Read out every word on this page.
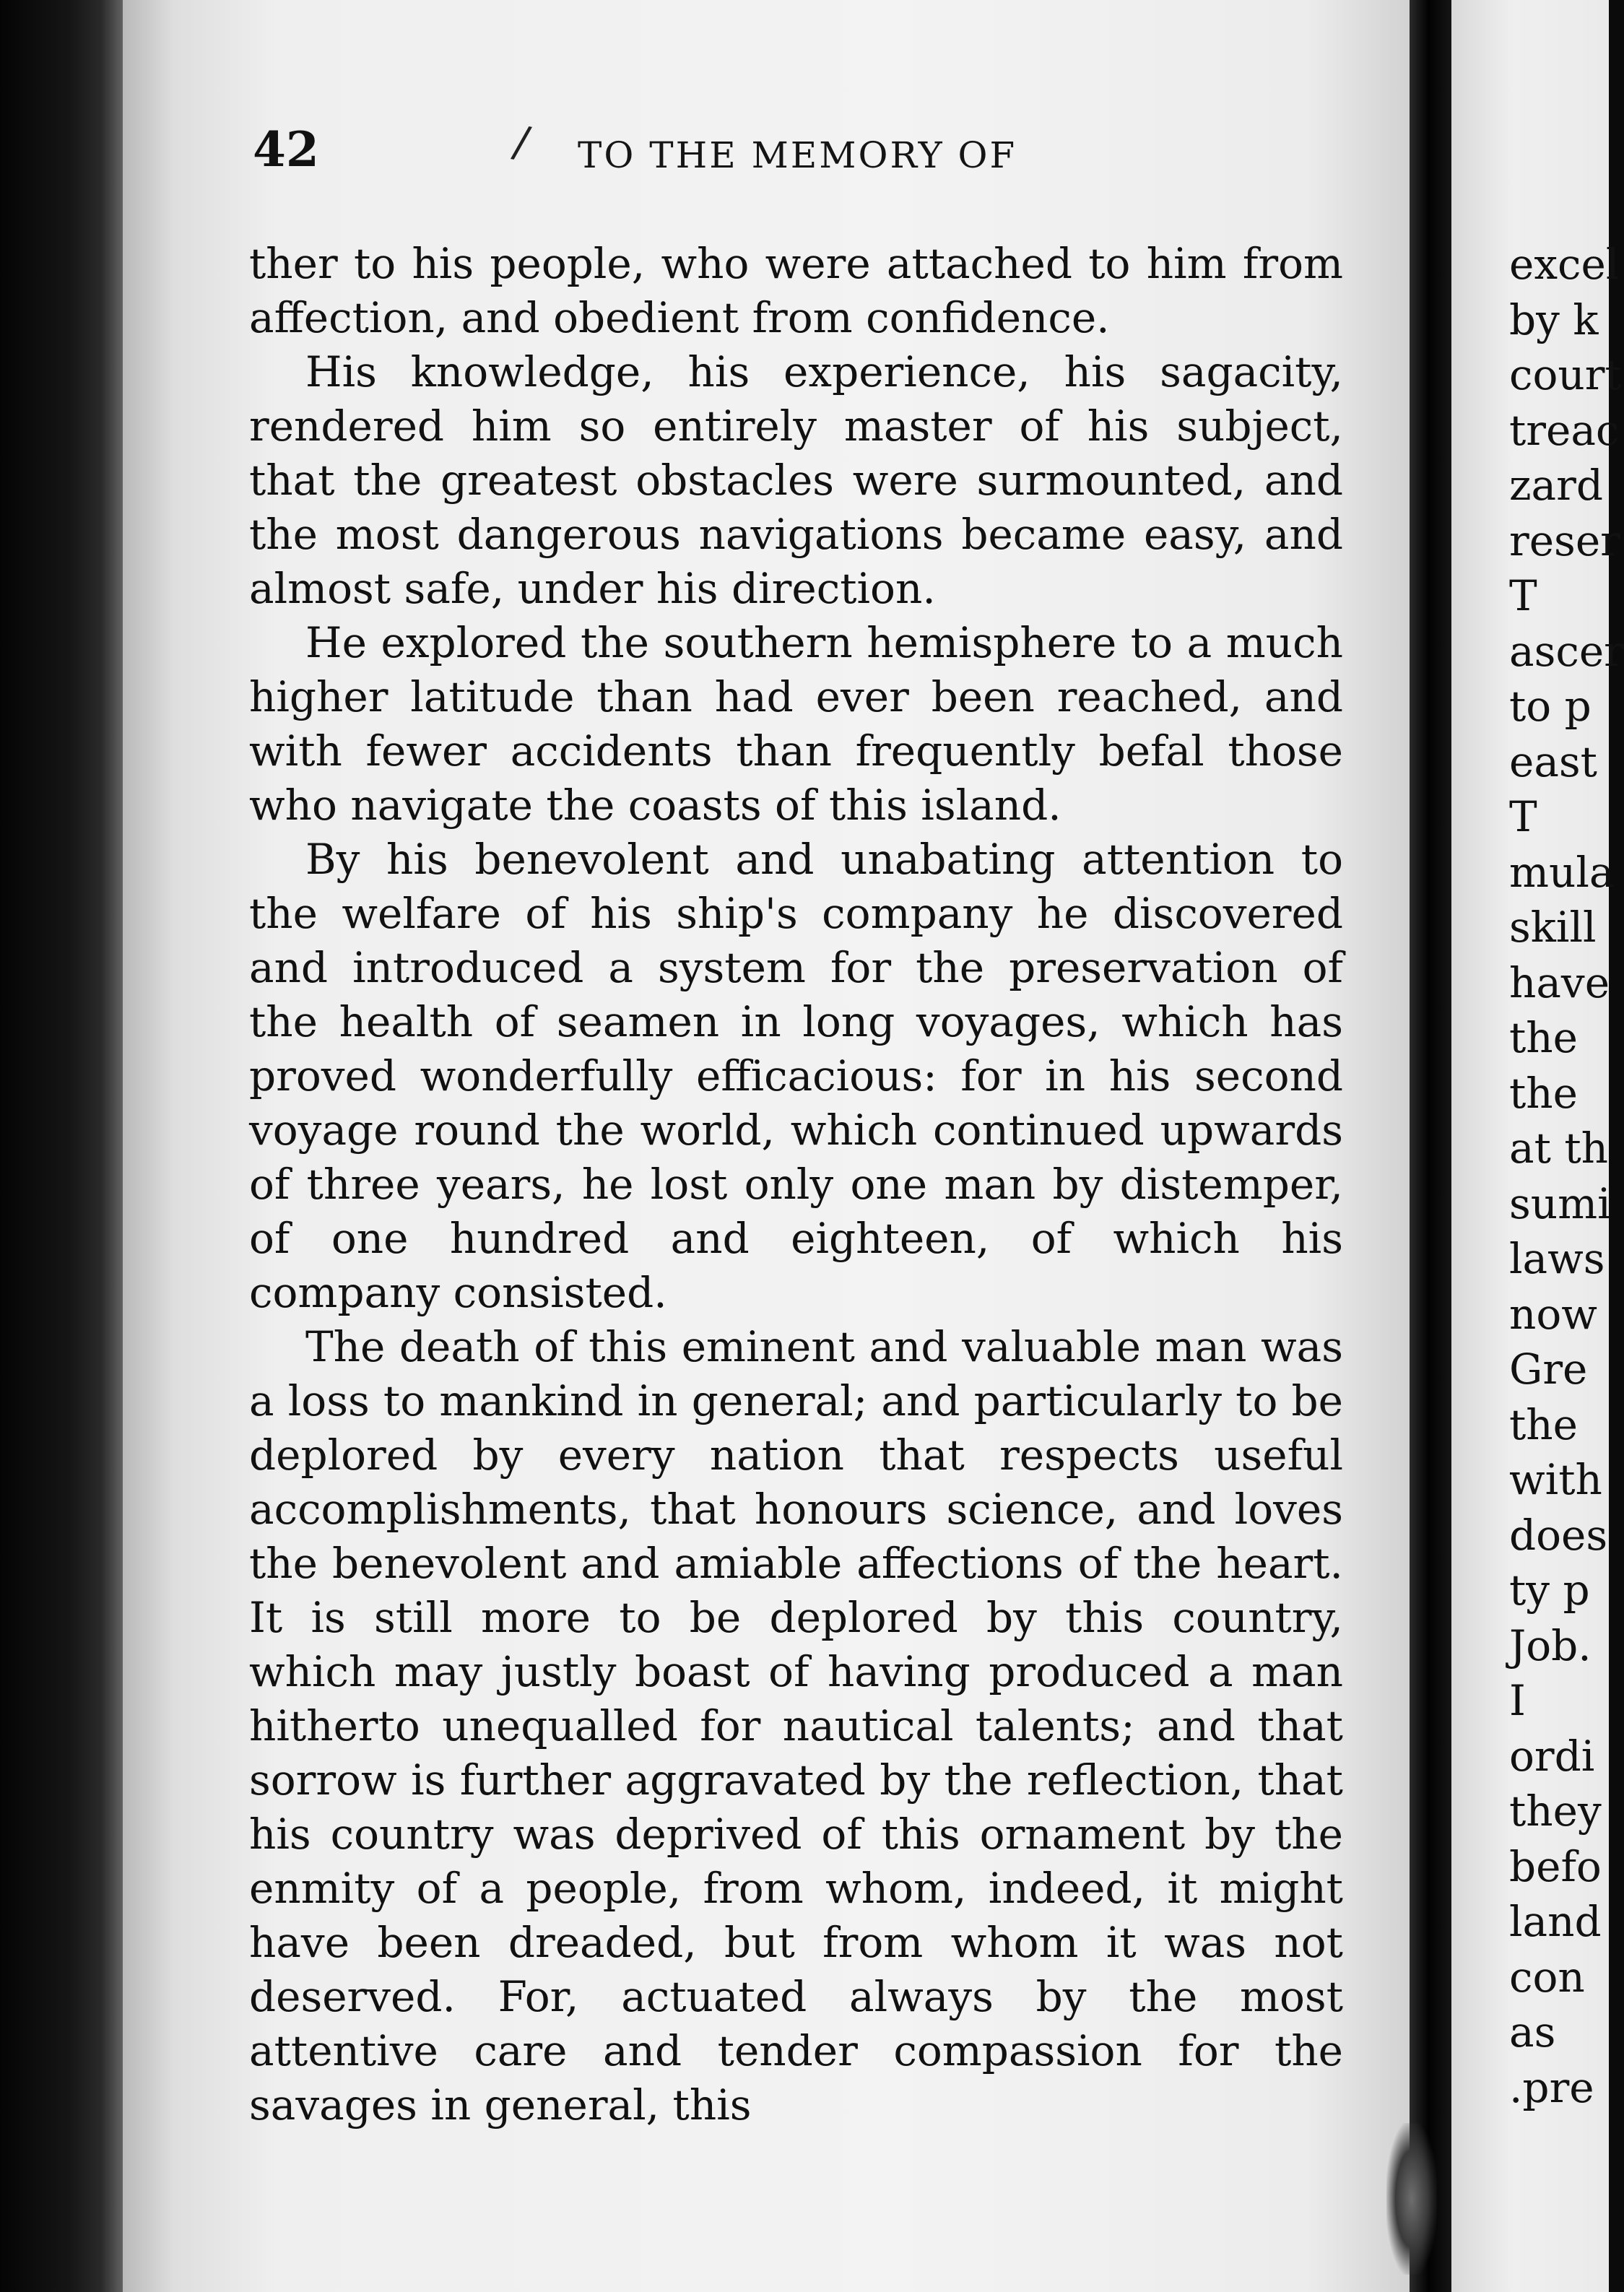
42	/ TO THE MEMORY OF

ther to his people, who were attached to him from affection, and obedient from confidence.

His knowledge, his experience, his sagacity, rendered him so entirely master of his subject, that the greatest obstacles were surmounted, and the most dangerous navigations became easy, and almost safe, under his direction.

He explored the southern hemisphere to a much higher latitude than had ever been reached, and with fewer accidents than frequently befal those who navigate the coasts of this island.

By his benevolent and unabating attention to the welfare of his ship's company he discovered and introduced a system for the preservation of the health of seamen in long voyages, which has proved wonderfully efficacious: for in his second voyage round the world, which continued upwards of three years, he lost only one man by distemper, of one hundred and eighteen, of which his company consisted.

The death of this eminent and valuable man was a loss to mankind in general; and particularly to be deplored by every nation that respects useful accomplishments, that honours science, and loves the benevolent and amiable affections of the heart. It is still more to be deplored by this country, which may justly boast of having produced a man hitherto unequalled for nautical talents; and that sorrow is further aggravated by the reflection, that his country was deprived of this ornament by the enmity of a people, from whom, indeed, it might have been dreaded, but from whom it was not deserved. For, actuated always by the most attentive care and tender compassion for the savages in general, this

excel
by k
court
treac
zard
reser
T
ascer
to p
east
T
mula
skill
have
the
the
at th
sumi
laws
now
Gre
the
with
does
ty p
Job.
I
ordi
they
befo
land
con
as
.pre
